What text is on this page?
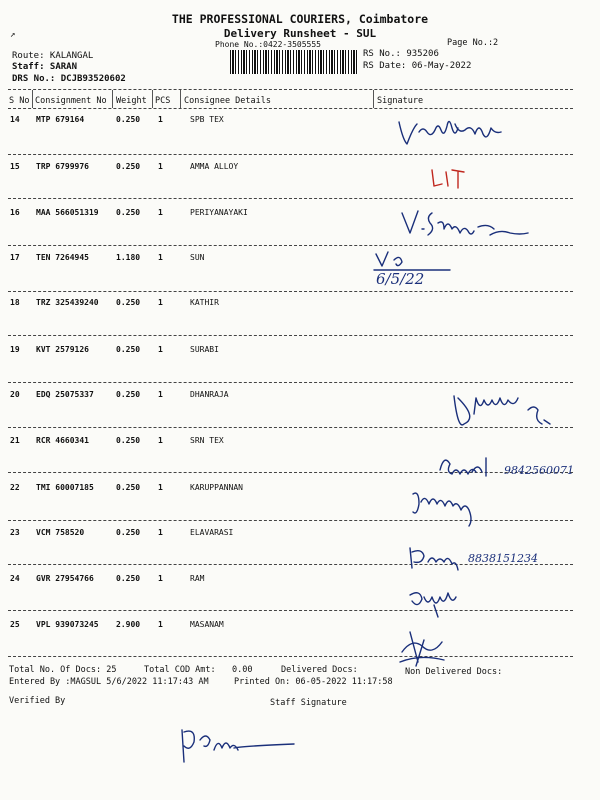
THE PROFESSIONAL COURIERS, Coimbatore
Delivery Runsheet - SUL
Phone No.:0422-3505555	Page No.:2
↗
Route: KALANGAL
Staff: SARAN
DRS No.: DCJB93520602
RS No.: 935206
RS Date: 06-May-2022
S No Consignment No Weight PCS Consignee Details	Signature
14 MTP 679164	0.250 1	SPB TEX
15 TRP 6799976	0.250 1	AMMA ALLOY
16 MAA 566051319 0.250 1	PERIYANAYAKI
17 TEN 7264945	1.180 1	SUN
18 TRZ 325439240 0.250 1	KATHIR
19 KVT 2579126	0.250 1	SURABI
20 EDQ 25075337	0.250 1	DHANRAJA
21 RCR 4660341	0.250 1	SRN TEX
22 TMI 60007185	0.250 1	KARUPPANNAN
23 VCM 758520	0.250 1	ELAVARASI
24 GVR 27954766	0.250 1	RAM
25 VPL 939073245 2.900 1	MASANAM
6/5/22
9842560071
8838151234
Total No. Of Docs: 25	Total COD Amt: 0.00	Delivered Docs:	Non Delivered Docs:
Entered By :MAGSUL 5/6/2022 11:17:43 AM	Printed On: 06-05-2022 11:17:58
Verified By	Staff Signature
